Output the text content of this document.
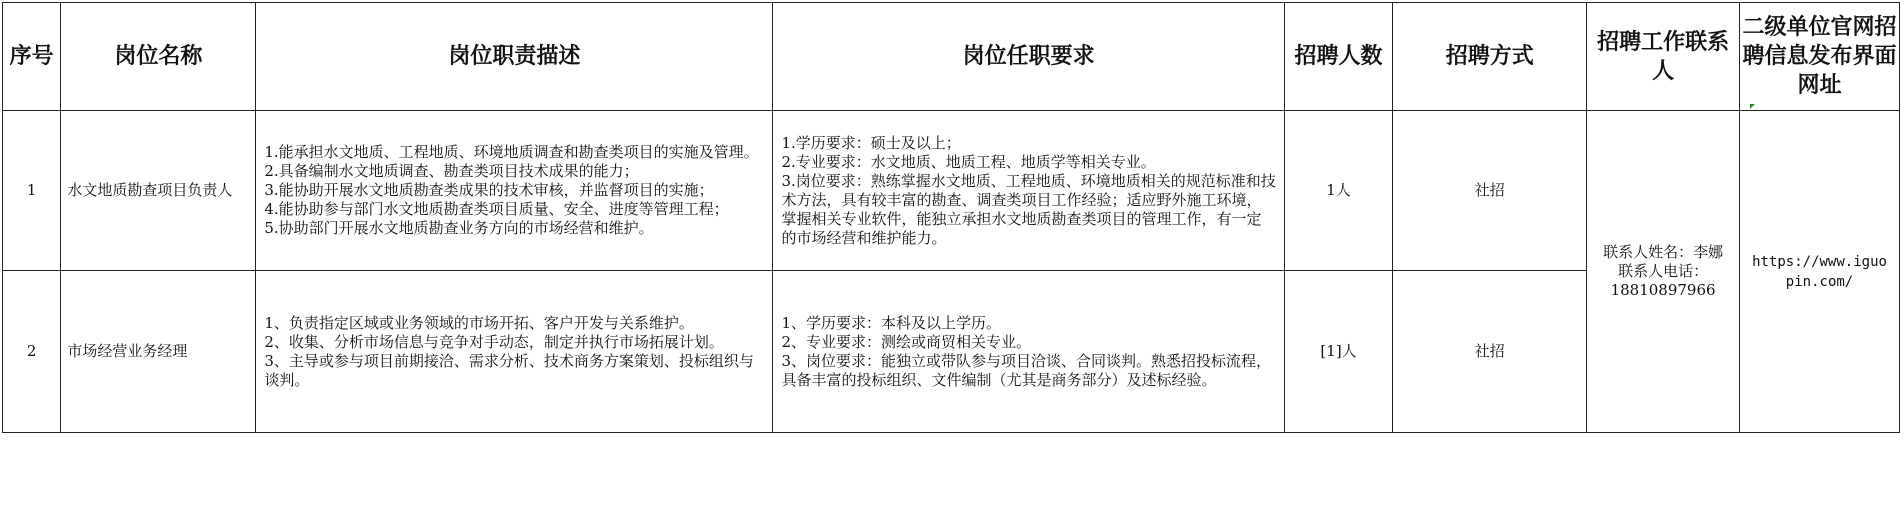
序号	岗位名称	岗位职责描述	岗位任职要求	招聘人数	招聘方式	招聘工作联系人	二级单位官网招聘信息发布界面网址
1	水文地质勘查项目负责人	1.能承担水文地质、工程地质、环境地质调查和勘查类项目的实施及管理。
2.具备编制水文地质调查、勘查类项目技术成果的能力；
3.能协助开展水文地质勘查类成果的技术审核，并监督项目的实施；
4.能协助参与部门水文地质勘查类项目质量、安全、进度等管理工程；
5.协助部门开展水文地质勘查业务方向的市场经营和维护。	1.学历要求：硕士及以上；
2.专业要求：水文地质、地质工程、地质学等相关专业。
3.岗位要求：熟练掌握水文地质、工程地质、环境地质相关的规范标准和技术方法，具有较丰富的勘查、调查类项目工作经验；适应野外施工环境，掌握相关专业软件，能独立承担水文地质勘查类项目的管理工作，有一定的市场经营和维护能力。	1人	社招	联系人姓名：李娜
联系人电话：
18810897966	https://www.iguopin.com/
2	市场经营业务经理	1、负责指定区域或业务领域的市场开拓、客户开发与关系维护。
2、收集、分析市场信息与竞争对手动态，制定并执行市场拓展计划。
3、主导或参与项目前期接洽、需求分析、技术商务方案策划、投标组织与谈判。	1、学历要求：本科及以上学历。
2、专业要求：测绘或商贸相关专业。
3、岗位要求：能独立或带队参与项目洽谈、合同谈判。熟悉招投标流程，具备丰富的投标组织、文件编制（尤其是商务部分）及述标经验。	[1]人	社招		
